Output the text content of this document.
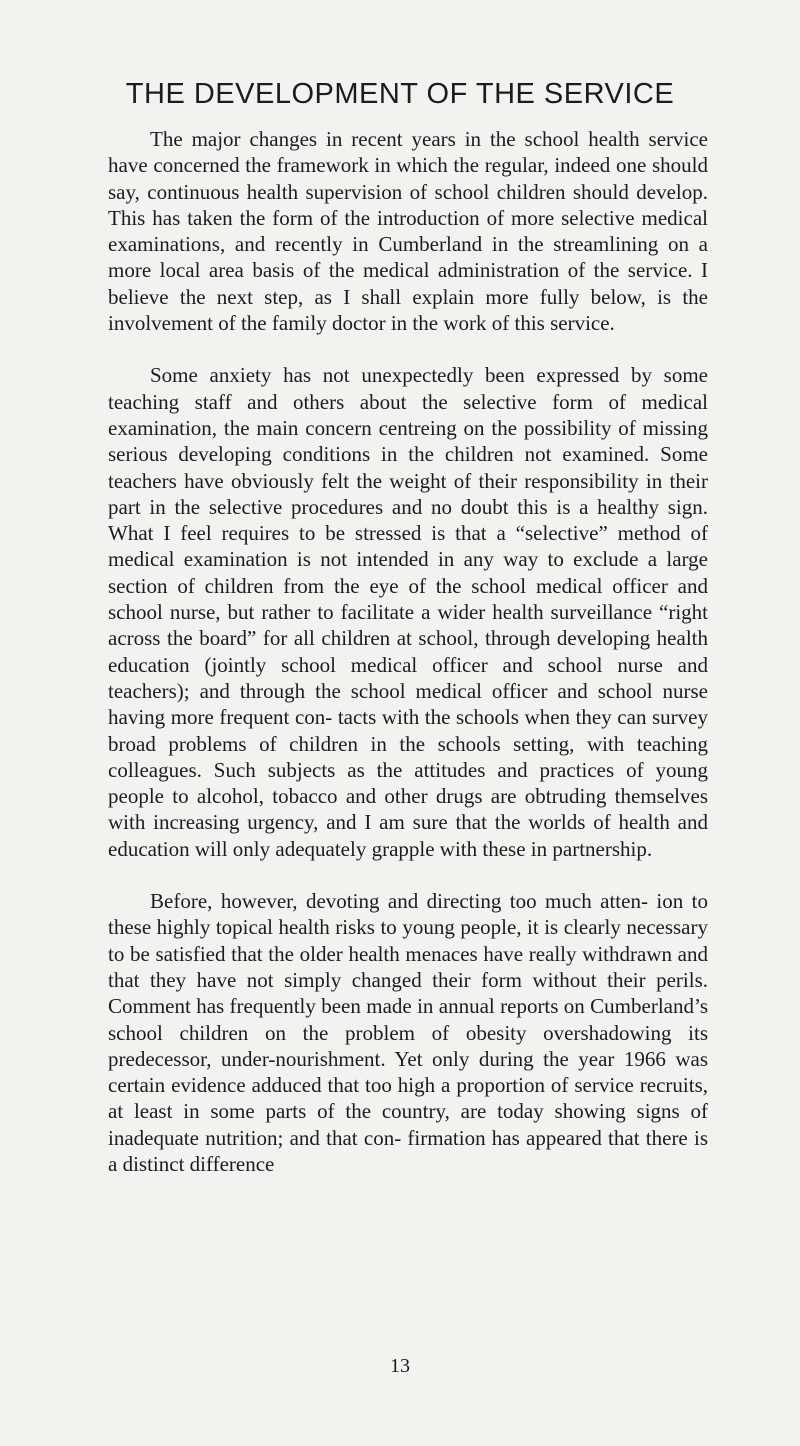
THE DEVELOPMENT OF THE SERVICE

The major changes in recent years in the school health service have concerned the framework in which the regular, indeed one should say, continuous health supervision of school children should develop. This has taken the form of the introduction of more selective medical examinations, and recently in Cumberland in the streamlining on a more local area basis of the medical administration of the service. I believe the next step, as I shall explain more fully below, is the involvement of the family doctor in the work of this service.

Some anxiety has not unexpectedly been expressed by some teaching staff and others about the selective form of medical examination, the main concern centreing on the possibility of missing serious developing conditions in the children not examined. Some teachers have obviously felt the weight of their responsibility in their part in the selective procedures and no doubt this is a healthy sign. What I feel requires to be stressed is that a “selective” method of medical examination is not intended in any way to exclude a large section of children from the eye of the school medical officer and school nurse, but rather to facilitate a wider health surveillance “right across the board” for all children at school, through developing health education (jointly school medical officer and school nurse and teachers); and through the school medical officer and school nurse having more frequent con- tacts with the schools when they can survey broad problems of children in the schools setting, with teaching colleagues. Such subjects as the attitudes and practices of young people to alcohol, tobacco and other drugs are obtruding themselves with increasing urgency, and I am sure that the worlds of health and education will only adequately grapple with these in partnership.

Before, however, devoting and directing too much atten- ion to these highly topical health risks to young people, it is clearly necessary to be satisfied that the older health menaces have really withdrawn and that they have not simply changed their form without their perils. Comment has frequently been made in annual reports on Cumberland’s school children on the problem of obesity overshadowing its predecessor, under-nourishment. Yet only during the year 1966 was certain evidence adduced that too high a proportion of service recruits, at least in some parts of the country, are today showing signs of inadequate nutrition; and that con- firmation has appeared that there is a distinct difference

13
